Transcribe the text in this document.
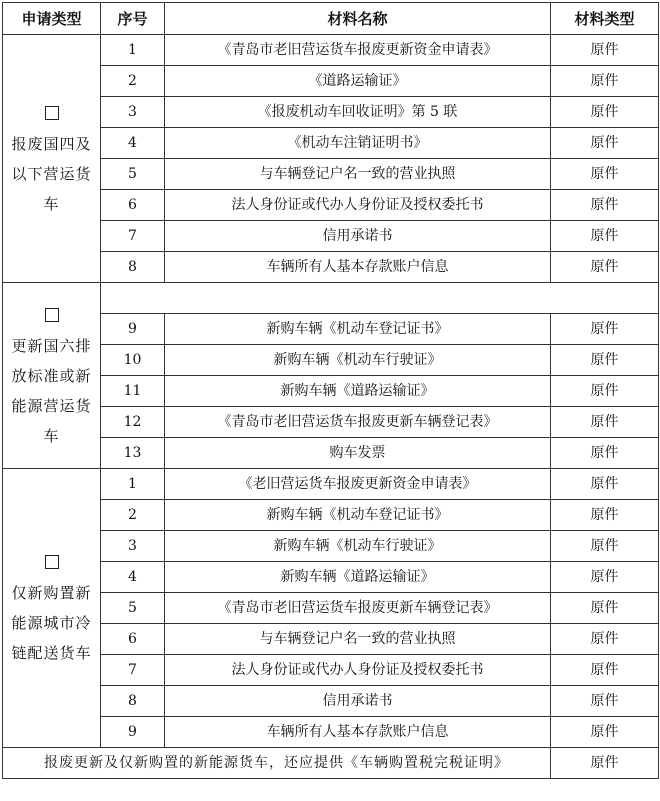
申请类型	序号	材料名称	材料类型

报废国四及以下营运货车	1	《青岛市老旧营运货车报废更新资金申请表》	原件
	2	《道路运输证》	原件
	3	《报废机动车回收证明》第 5 联	原件
	4	《机动车注销证明书》	原件
	5	与车辆登记户名一致的营业执照	原件
	6	法人身份证或代办人身份证及授权委托书	原件
	7	信用承诺书	原件
	8	车辆所有人基本存款账户信息	原件

更新国六排放标准或新能源营运货车			

	9	新购车辆《机动车登记证书》	原件
	10	新购车辆《机动车行驶证》	原件
	11	新购车辆《道路运输证》	原件
	12	《青岛市老旧营运货车报废更新车辆登记表》	原件
	13	购车发票	原件

仅新购置新能源城市冷链配送货车	1	《老旧营运货车报废更新资金申请表》	原件
	2	新购车辆《机动车登记证书》	原件
	3	新购车辆《机动车行驶证》	原件
	4	新购车辆《道路运输证》	原件
	5	《青岛市老旧营运货车报废更新车辆登记表》	原件
	6	与车辆登记户名一致的营业执照	原件
	7	法人身份证或代办人身份证及授权委托书	原件
	8	信用承诺书	原件
	9	车辆所有人基本存款账户信息	原件
报废更新及仅新购置的新能源货车，还应提供《车辆购置税完税证明》			原件
